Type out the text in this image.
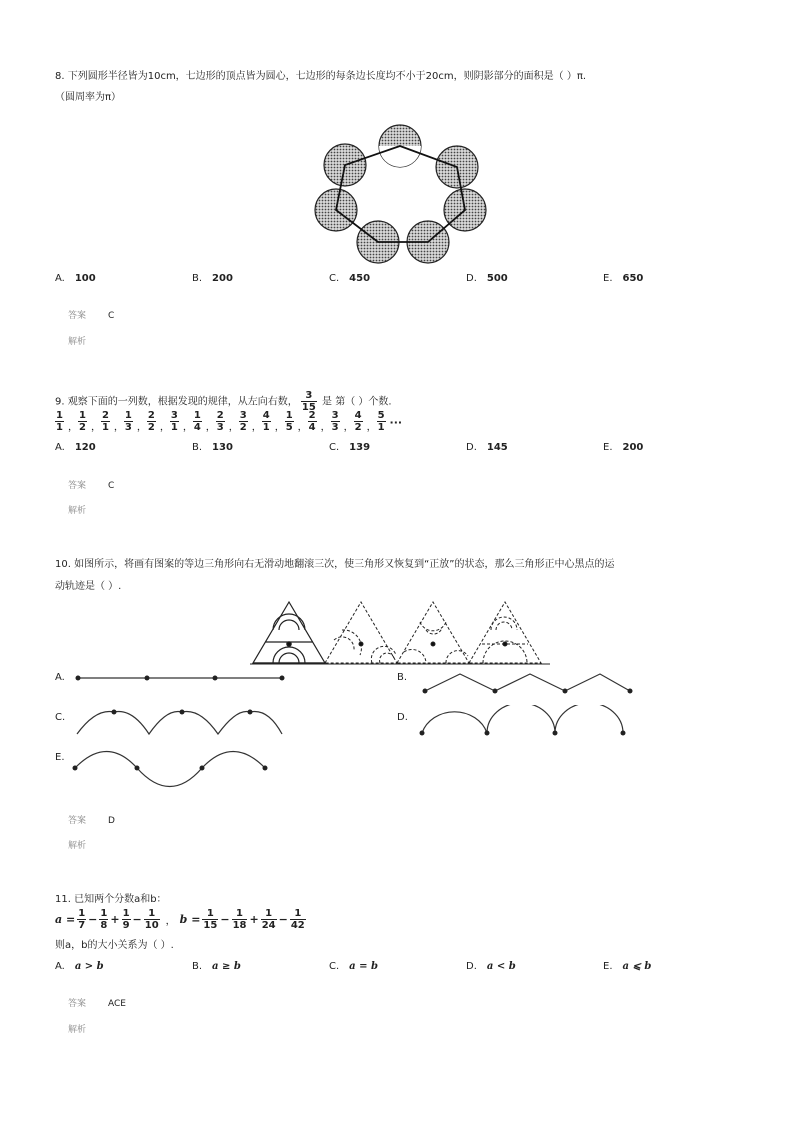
8. 下列圆形半径皆为10cm，七边形的顶点皆为圆心，七边形的每条边长度均不小于20cm，则阴影部分的面积是（ ）π.
（圆周率为π）
A. 100	B. 200	C. 450	D. 500	E. 650
答案 C
解析
9. 观察下面的一列数，根据发现的规律，从左向右数， $\frac{3}{15}$ 是 第（ ）个数.
$\frac{1}{1}$ ， $\frac{1}{2}$ ， $\frac{2}{1}$ ， $\frac{1}{3}$ ， $\frac{2}{2}$ ， $\frac{3}{1}$ ， $\frac{1}{4}$ ， $\frac{2}{3}$ ， $\frac{3}{2}$ ， $\frac{4}{1}$ ， $\frac{1}{5}$ ， $\frac{2}{4}$ ， $\frac{3}{3}$ ， $\frac{4}{2}$ ， $\frac{5}{1}$ ···
A. 120	B. 130	C. 139	D. 145	E. 200
答案 C
解析
10. 如图所示，将画有图案的等边三角形向右无滑动地翻滚三次，使三角形又恢复到“正放”的状态，那么三角形正中心黑点的运
动轨迹是（ ）.
A.	B.
C.	D.
E.
答案 D
解析
11. 已知两个分数a和b：
$a = \frac{1}{7} - \frac{1}{8} + \frac{1}{9} - \frac{1}{10}$ ， $b = \frac{1}{15} - \frac{1}{18} + \frac{1}{24} - \frac{1}{42}$
则a，b的大小关系为（ ）.
A. a > b	B. a ≥ b	C. a = b	D. a < b	E. a ⩽ b
答案 ACE
解析
